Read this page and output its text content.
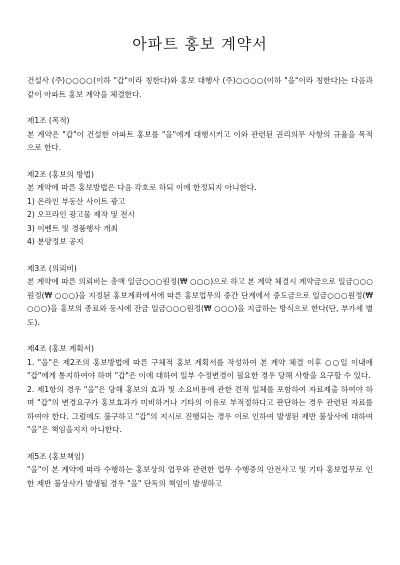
아파트 홍보 계약서

건설사 (주)○○○○(이하 "갑"이라 칭한다)와 홍보 대행사 (주)○○○○(이하 "을"이라 칭한다)는 다음과 같이 아파트 홍보 계약을 체결한다.

제1조 (목적)

본 계약은 "갑"이 건설한 아파트 홍보를 "을"에게 대행시키고 이와 관련된 권리의무 사항의 규율을 목적으로 한다.

제2조 (홍보의 방법)

본 계약에 따른 홍보방법은 다음 각호로 하되 이에 한정되지 아니한다.

1) 온라인 부동산 사이트 광고

2) 오프라인 광고물 제작 및 전시

3) 이벤트 및 경품행사 개최

4) 분양정보 공지

제3조 (의뢰비)

본 계약에 따른 의뢰비는 총액 일금○○○원정(₩ ○○○)으로 하고 본 계약 체결시 계약금으로 일금○○○원정(₩ ○○○)을 지정된 홍보계좌에서에 따른 홍보업무의 중간 단계에서 중도금으로 일금○○○원정(₩ ○○○)을 홍보의 종료와 동시에 잔금 일금○○○원정(₩ ○○○)을 지급하는 방식으로 한다(단, 부가세 별도).

제4조 (홍보 계획서)

1. "을"은 제2조의 홍보방법에 따른 구체적 홍보 계획서를 작성하여 본 계약 체결 이후 ○○일 이내에 "갑"에게 통지하여야 하며 "갑"은 이에 대하여 일부 수정변경이 필요한 경우 당해 사항을 요구할 수 있다.

2. 제1항의 경우 "을"은 당해 홍보의 효과 및 소요비용에 관한 견적 일체를 포함하여 자료제출 하여야 하며 "갑"의 변경요구가 홍보효과가 미비하거나 기타의 이유로 부적절하다고 판단하는 경우 관련된 자료를 하여야 한다. 그럼에도 불구하고 "갑"의 지시로 진행되는 경우 이로 인하여 발생된 제반 불상사에 대하여 "을"은 책임을지지 아니한다.

제5조 (홍보책임)

"을"이 본 계약에 따라 수행하는 홍보상의 업무와 관련한 업무 수행중의 안전사고 및 기타 홍보업무로 인한 제반 불상사가 발생될 경우 "을" 단독의 책임이 발생하고
